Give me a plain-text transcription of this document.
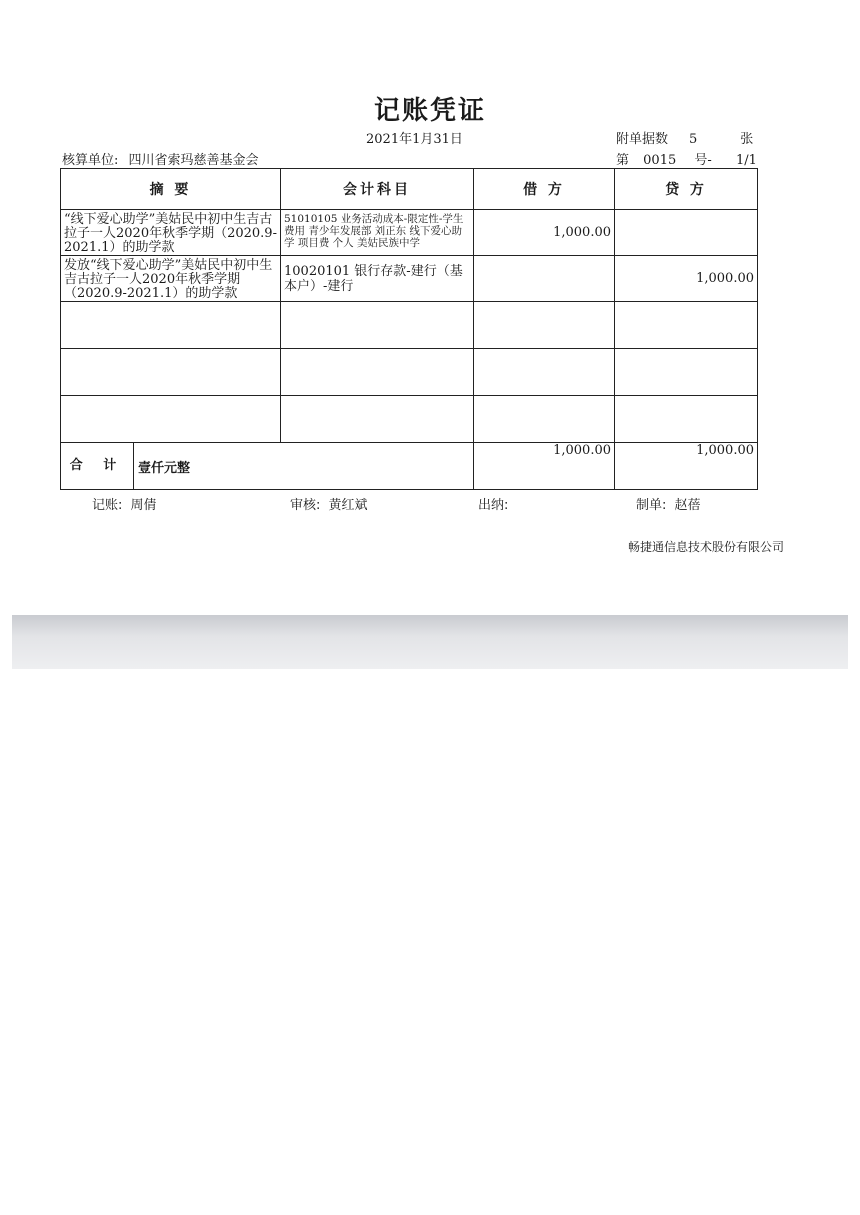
记账凭证
2021年1月31日	附单据数 5	张
核算单位: 四川省索玛慈善基金会	第 0015 号- 1/1
摘 要	会计科目	借 方	贷 方
“线下爱心助学”美姑民中初中生吉古拉子一人2020年秋季学期（2020.9-2021.1）的助学款	51010105 业务活动成本-限定性-学生费用 青少年发展部 刘正东 线下爱心助学 项目费 个人 美姑民族中学	1,000.00	
发放“线下爱心助学”美姑民中初中生吉古拉子一人2020年秋季学期（2020.9-2021.1）的助学款	10020101 银行存款-建行（基本户）-建行		1,000.00

合 计 壹仟元整		1,000.00	1,000.00
记账: 周倩	审核: 黄红斌	出纳:	制单: 赵蓓
畅捷通信息技术股份有限公司
